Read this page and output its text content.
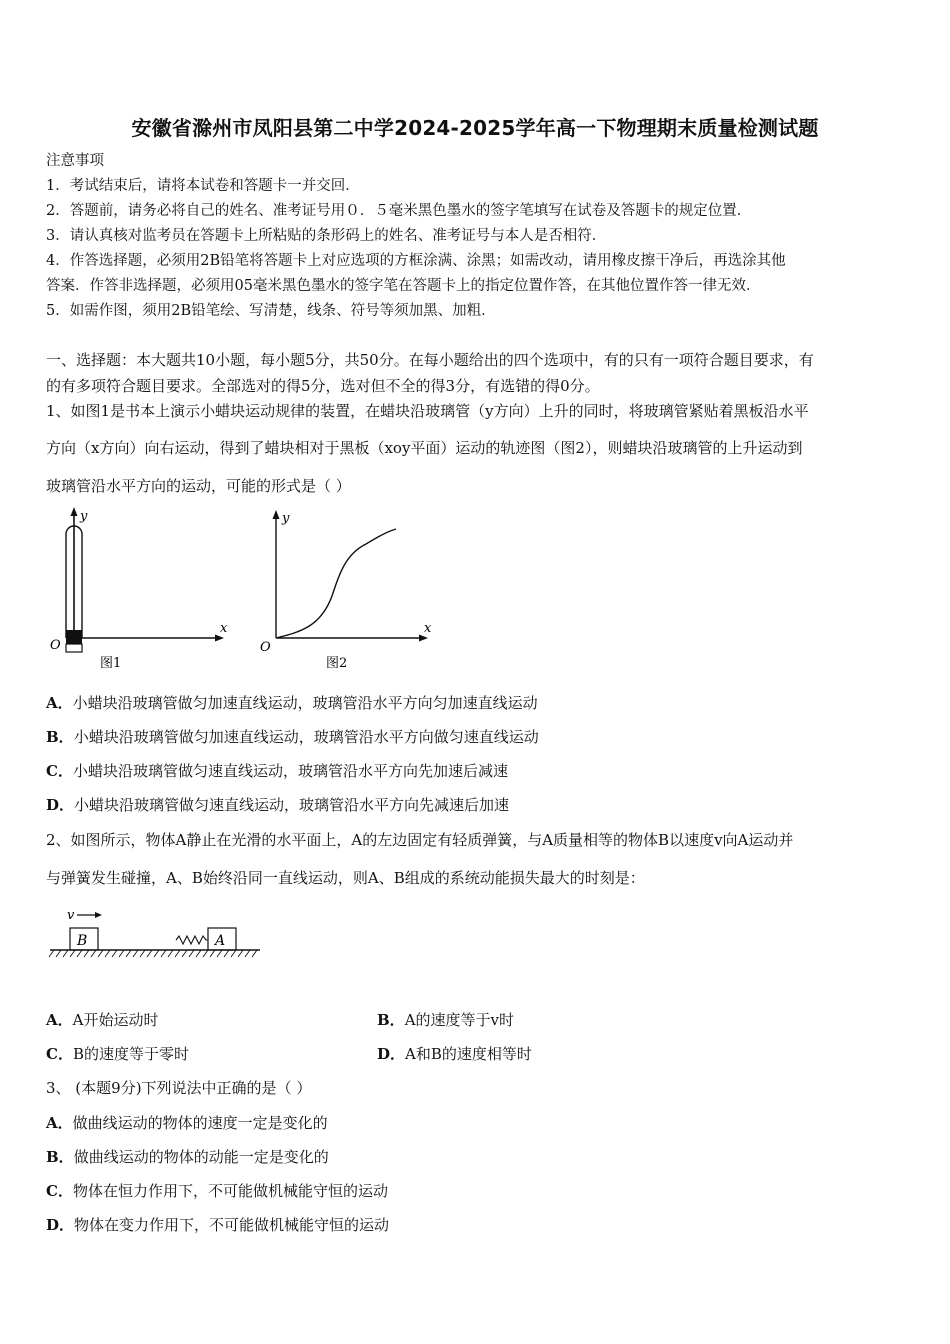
安徽省滁州市凤阳县第二中学2024-2025学年高一下物理期末质量检测试题
注意事项
1．考试结束后，请将本试卷和答题卡一并交回．
2．答题前，请务必将自己的姓名、准考证号用０．５毫米黑色墨水的签字笔填写在试卷及答题卡的规定位置．
3．请认真核对监考员在答题卡上所粘贴的条形码上的姓名、准考证号与本人是否相符．
4．作答选择题，必须用2B铅笔将答题卡上对应选项的方框涂满、涂黑；如需改动，请用橡皮擦干净后，再选涂其他
答案．作答非选择题，必须用05毫米黑色墨水的签字笔在答题卡上的指定位置作答，在其他位置作答一律无效．
5．如需作图，须用2B铅笔绘、写清楚，线条、符号等须加黑、加粗．
一、选择题：本大题共10小题，每小题5分，共50分。在每小题给出的四个选项中，有的只有一项符合题目要求，有
的有多项符合题目要求。全部选对的得5分，选对但不全的得3分，有选错的得0分。
1、如图1是书本上演示小蜡块运动规律的装置，在蜡块沿玻璃管（y方向）上升的同时，将玻璃管紧贴着黑板沿水平
方向（x方向）向右运动，得到了蜡块相对于黑板（xoy平面）运动的轨迹图（图2），则蜡块沿玻璃管的上升运动到
玻璃管沿水平方向的运动，可能的形式是（ ）
y
x
O
图1
y
x
O
图2
A．小蜡块沿玻璃管做匀加速直线运动，玻璃管沿水平方向匀加速直线运动
B．小蜡块沿玻璃管做匀加速直线运动，玻璃管沿水平方向做匀速直线运动
C．小蜡块沿玻璃管做匀速直线运动，玻璃管沿水平方向先加速后减速
D．小蜡块沿玻璃管做匀速直线运动，玻璃管沿水平方向先减速后加速
2、如图所示，物体A静止在光滑的水平面上，A的左边固定有轻质弹簧，与A质量相等的物体B以速度v向A运动并
与弹簧发生碰撞，A、B始终沿同一直线运动，则A、B组成的系统动能损失最大的时刻是：
v
B	A
A．A开始运动时	B．A的速度等于v时
C．B的速度等于零时	D．A和B的速度相等时
3、 (本题9分)下列说法中正确的是（ ）
A．做曲线运动的物体的速度一定是变化的
B．做曲线运动的物体的动能一定是变化的
C．物体在恒力作用下，不可能做机械能守恒的运动
D．物体在变力作用下，不可能做机械能守恒的运动
